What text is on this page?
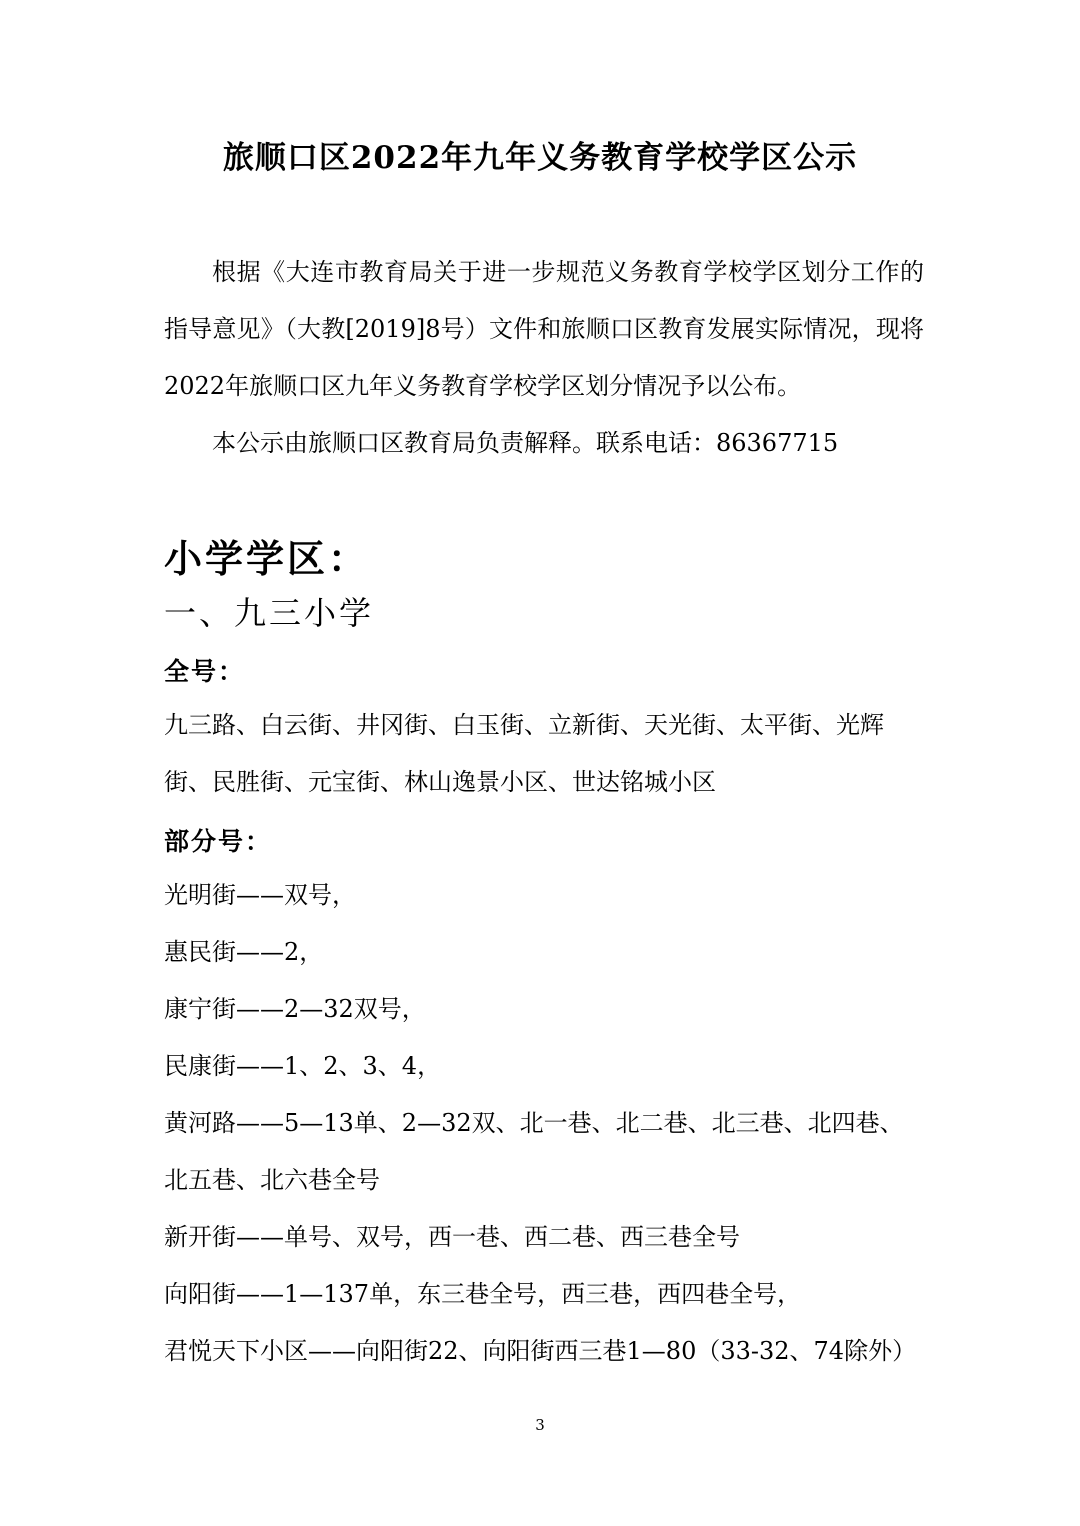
旅顺口区2022年九年义务教育学校学区公示
根据《大连市教育局关于进一步规范义务教育学校学区划分工作的指导意见》（大教[2019]8号）文件和旅顺口区教育发展实际情况，现将2022年旅顺口区九年义务教育学校学区划分情况予以公布。
本公示由旅顺口区教育局负责解释。联系电话：86367715
小学学区：
一、九三小学
全号：
九三路、白云街、井冈街、白玉街、立新街、天光街、太平街、光辉
街、民胜街、元宝街、林山逸景小区、世达铭城小区
部分号：
光明街——双号，
惠民街——2，
康宁街——2—32双号，
民康街——1、2、3、4，
黄河路——5—13单、2—32双、北一巷、北二巷、北三巷、北四巷、
北五巷、北六巷全号
新开街——单号、双号，西一巷、西二巷、西三巷全号
向阳街——1—137单，东三巷全号，西三巷，西四巷全号，
君悦天下小区——向阳街22、向阳街西三巷1—80（33-32、74除外）
3
